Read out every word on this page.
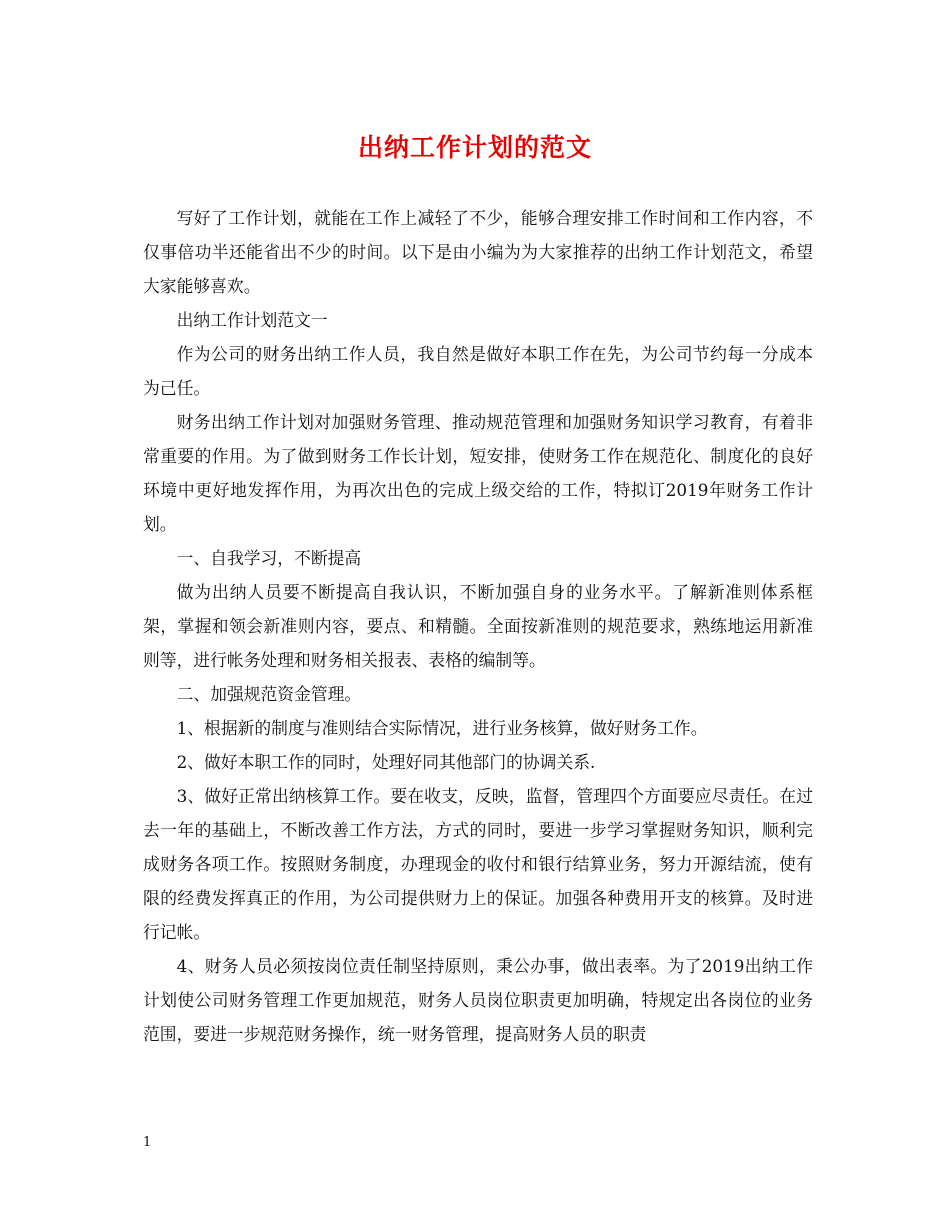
出纳工作计划的范文

写好了工作计划，就能在工作上减轻了不少，能够合理安排工作时间和工作内容，不仅事倍功半还能省出不少的时间。以下是由小编为为大家推荐的出纳工作计划范文，希望大家能够喜欢。

出纳工作计划范文一

作为公司的财务出纳工作人员，我自然是做好本职工作在先，为公司节约每一分成本为己任。

财务出纳工作计划对加强财务管理、推动规范管理和加强财务知识学习教育，有着非常重要的作用。为了做到财务工作长计划，短安排，使财务工作在规范化、制度化的良好环境中更好地发挥作用，为再次出色的完成上级交给的工作，特拟订2019年财务工作计划。

一、自我学习，不断提高

做为出纳人员要不断提高自我认识，不断加强自身的业务水平。了解新准则体系框架，掌握和领会新准则内容，要点、和精髓。全面按新准则的规范要求，熟练地运用新准则等，进行帐务处理和财务相关报表、表格的编制等。

二、加强规范资金管理。

1、根据新的制度与准则结合实际情况，进行业务核算，做好财务工作。

2、做好本职工作的同时，处理好同其他部门的协调关系.

3、做好正常出纳核算工作。要在收支，反映，监督，管理四个方面要应尽责任。在过去一年的基础上，不断改善工作方法，方式的同时，要进一步学习掌握财务知识，顺利完成财务各项工作。按照财务制度，办理现金的收付和银行结算业务，努力开源结流，使有限的经费发挥真正的作用，为公司提供财力上的保证。加强各种费用开支的核算。及时进行记帐。

4、财务人员必须按岗位责任制坚持原则，秉公办事，做出表率。为了2019出纳工作计划使公司财务管理工作更加规范，财务人员岗位职责更加明确，特规定出各岗位的业务范围，要进一步规范财务操作，统一财务管理，提高财务人员的职责

1
